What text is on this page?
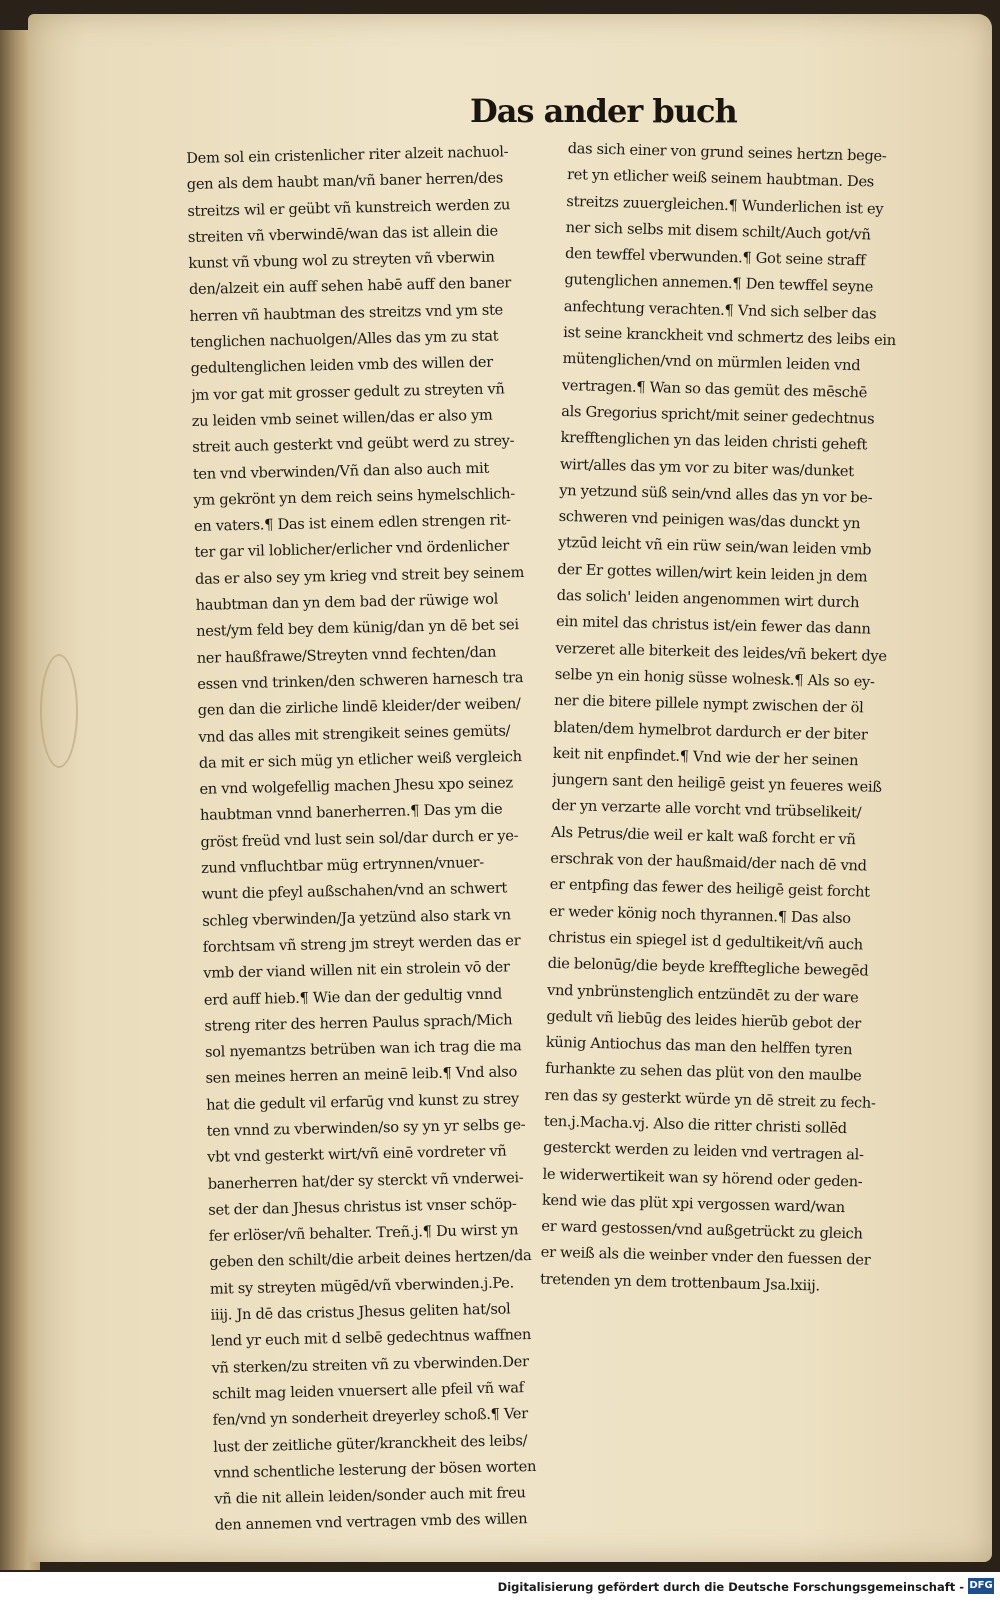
Das ander buch
Dem sol ein cristenlicher riter alzeit nachuol-
gen als dem haubt man/vñ baner herren/des
streitzs wil er geübt vñ kunstreich werden zu
streiten vñ vberwindē/wan das ist allein die
kunst vñ vbung wol zu streyten vñ vberwin
den/alzeit ein auff sehen habē auff den baner
herren vñ haubtman des streitzs vnd ym ste
tenglichen nachuolgen/Alles das ym zu stat
gedultenglichen leiden vmb des willen der
jm vor gat mit grosser gedult zu streyten vñ
zu leiden vmb seinet willen/das er also ym
streit auch gesterkt vnd geübt werd zu strey-
ten vnd vberwinden/Vñ dan also auch mit
ym gekrönt yn dem reich seins hymelschlich-
en vaters.¶ Das ist einem edlen strengen rit-
ter gar vil loblicher/erlicher vnd ördenlicher
das er also sey ym krieg vnd streit bey seinem
haubtman dan yn dem bad der rüwige wol
nest/ym feld bey dem künig/dan yn dē bet sei
ner haußfrawe/Streyten vnnd fechten/dan
essen vnd trinken/den schweren harnesch tra
gen dan die zirliche lindē kleider/der weiben/
vnd das alles mit strengikeit seines gemüts/
da mit er sich müg yn etlicher weiß vergleich
en vnd wolgefellig machen Jhesu xpo seinez
haubtman vnnd banerherren.¶ Das ym die
gröst freüd vnd lust sein sol/dar durch er ye-
zund vnfluchtbar müg ertrynnen/vnuer-
wunt die pfeyl außschahen/vnd an schwert
schleg vberwinden/Ja yetzünd also stark vn
forchtsam vñ streng jm streyt werden das er
vmb der viand willen nit ein strolein vō der
erd auff hieb.¶ Wie dan der gedultig vnnd
streng riter des herren Paulus sprach/Mich
sol nyemantzs betrüben wan ich trag die ma
sen meines herren an meinē leib.¶ Vnd also
hat die gedult vil erfarūg vnd kunst zu strey
ten vnnd zu vberwinden/so sy yn yr selbs ge-
vbt vnd gesterkt wirt/vñ einē vordreter vñ
banerherren hat/der sy sterckt vñ vnderwei-
set der dan Jhesus christus ist vnser schöp-
fer erlöser/vñ behalter. Treñ.j.¶ Du wirst yn
geben den schilt/die arbeit deines hertzen/da
mit sy streyten mügēd/vñ vberwinden.j.Pe.
iiij. Jn dē das cristus Jhesus geliten hat/sol
lend yr euch mit d selbē gedechtnus waffnen
vñ sterken/zu streiten vñ zu vberwinden.Der
schilt mag leiden vnuersert alle pfeil vñ waf
fen/vnd yn sonderheit dreyerley schoß.¶ Ver
lust der zeitliche güter/kranckheit des leibs/
vnnd schentliche lesterung der bösen worten
vñ die nit allein leiden/sonder auch mit freu
den annemen vnd vertragen vmb des willen
das sich einer von grund seines hertzn bege-
ret yn etlicher weiß seinem haubtman. Des
streitzs zuuergleichen.¶ Wunderlichen ist ey
ner sich selbs mit disem schilt/Auch got/vñ
den tewffel vberwunden.¶ Got seine straff
gutenglichen annemen.¶ Den tewffel seyne
anfechtung verachten.¶ Vnd sich selber das
ist seine kranckheit vnd schmertz des leibs ein
mütenglichen/vnd on mürmlen leiden vnd
vertragen.¶ Wan so das gemüt des mēschē
als Gregorius spricht/mit seiner gedechtnus
krefftenglichen yn das leiden christi geheft
wirt/alles das ym vor zu biter was/dunket
yn yetzund süß sein/vnd alles das yn vor be-
schweren vnd peinigen was/das dunckt yn
ytzūd leicht vñ ein rüw sein/wan leiden vmb
der Er gottes willen/wirt kein leiden jn dem
das solich' leiden angenommen wirt durch
ein mitel das christus ist/ein fewer das dann
verzeret alle biterkeit des leides/vñ bekert dye
selbe yn ein honig süsse wolnesk.¶ Als so ey-
ner die bitere pillele nympt zwischen der öl
blaten/dem hymelbrot dardurch er der biter
keit nit enpfindet.¶ Vnd wie der her seinen
jungern sant den heiligē geist yn feueres weiß
der yn verzarte alle vorcht vnd trübselikeit/
Als Petrus/die weil er kalt waß forcht er vñ
erschrak von der haußmaid/der nach dē vnd
er entpfing das fewer des heiligē geist forcht
er weder könig noch thyrannen.¶ Das also
christus ein spiegel ist d gedultikeit/vñ auch
die belonūg/die beyde krefftegliche bewegēd
vnd ynbrünstenglich entzündēt zu der ware
gedult vñ liebūg des leides hierūb gebot der
künig Antiochus das man den helffen tyren
furhankte zu sehen das plüt von den maulbe
ren das sy gesterkt würde yn dē streit zu fech-
ten.j.Macha.vj. Also die ritter christi sollēd
gesterckt werden zu leiden vnd vertragen al-
le widerwertikeit wan sy hörend oder geden-
kend wie das plüt xpi vergossen ward/wan
er ward gestossen/vnd außgetrückt zu gleich
er weiß als die weinber vnder den fuessen der
tretenden yn dem trottenbaum Jsa.lxiij.
Digitalisierung gefördert durch die Deutsche Forschungsgemeinschaft - DFG
